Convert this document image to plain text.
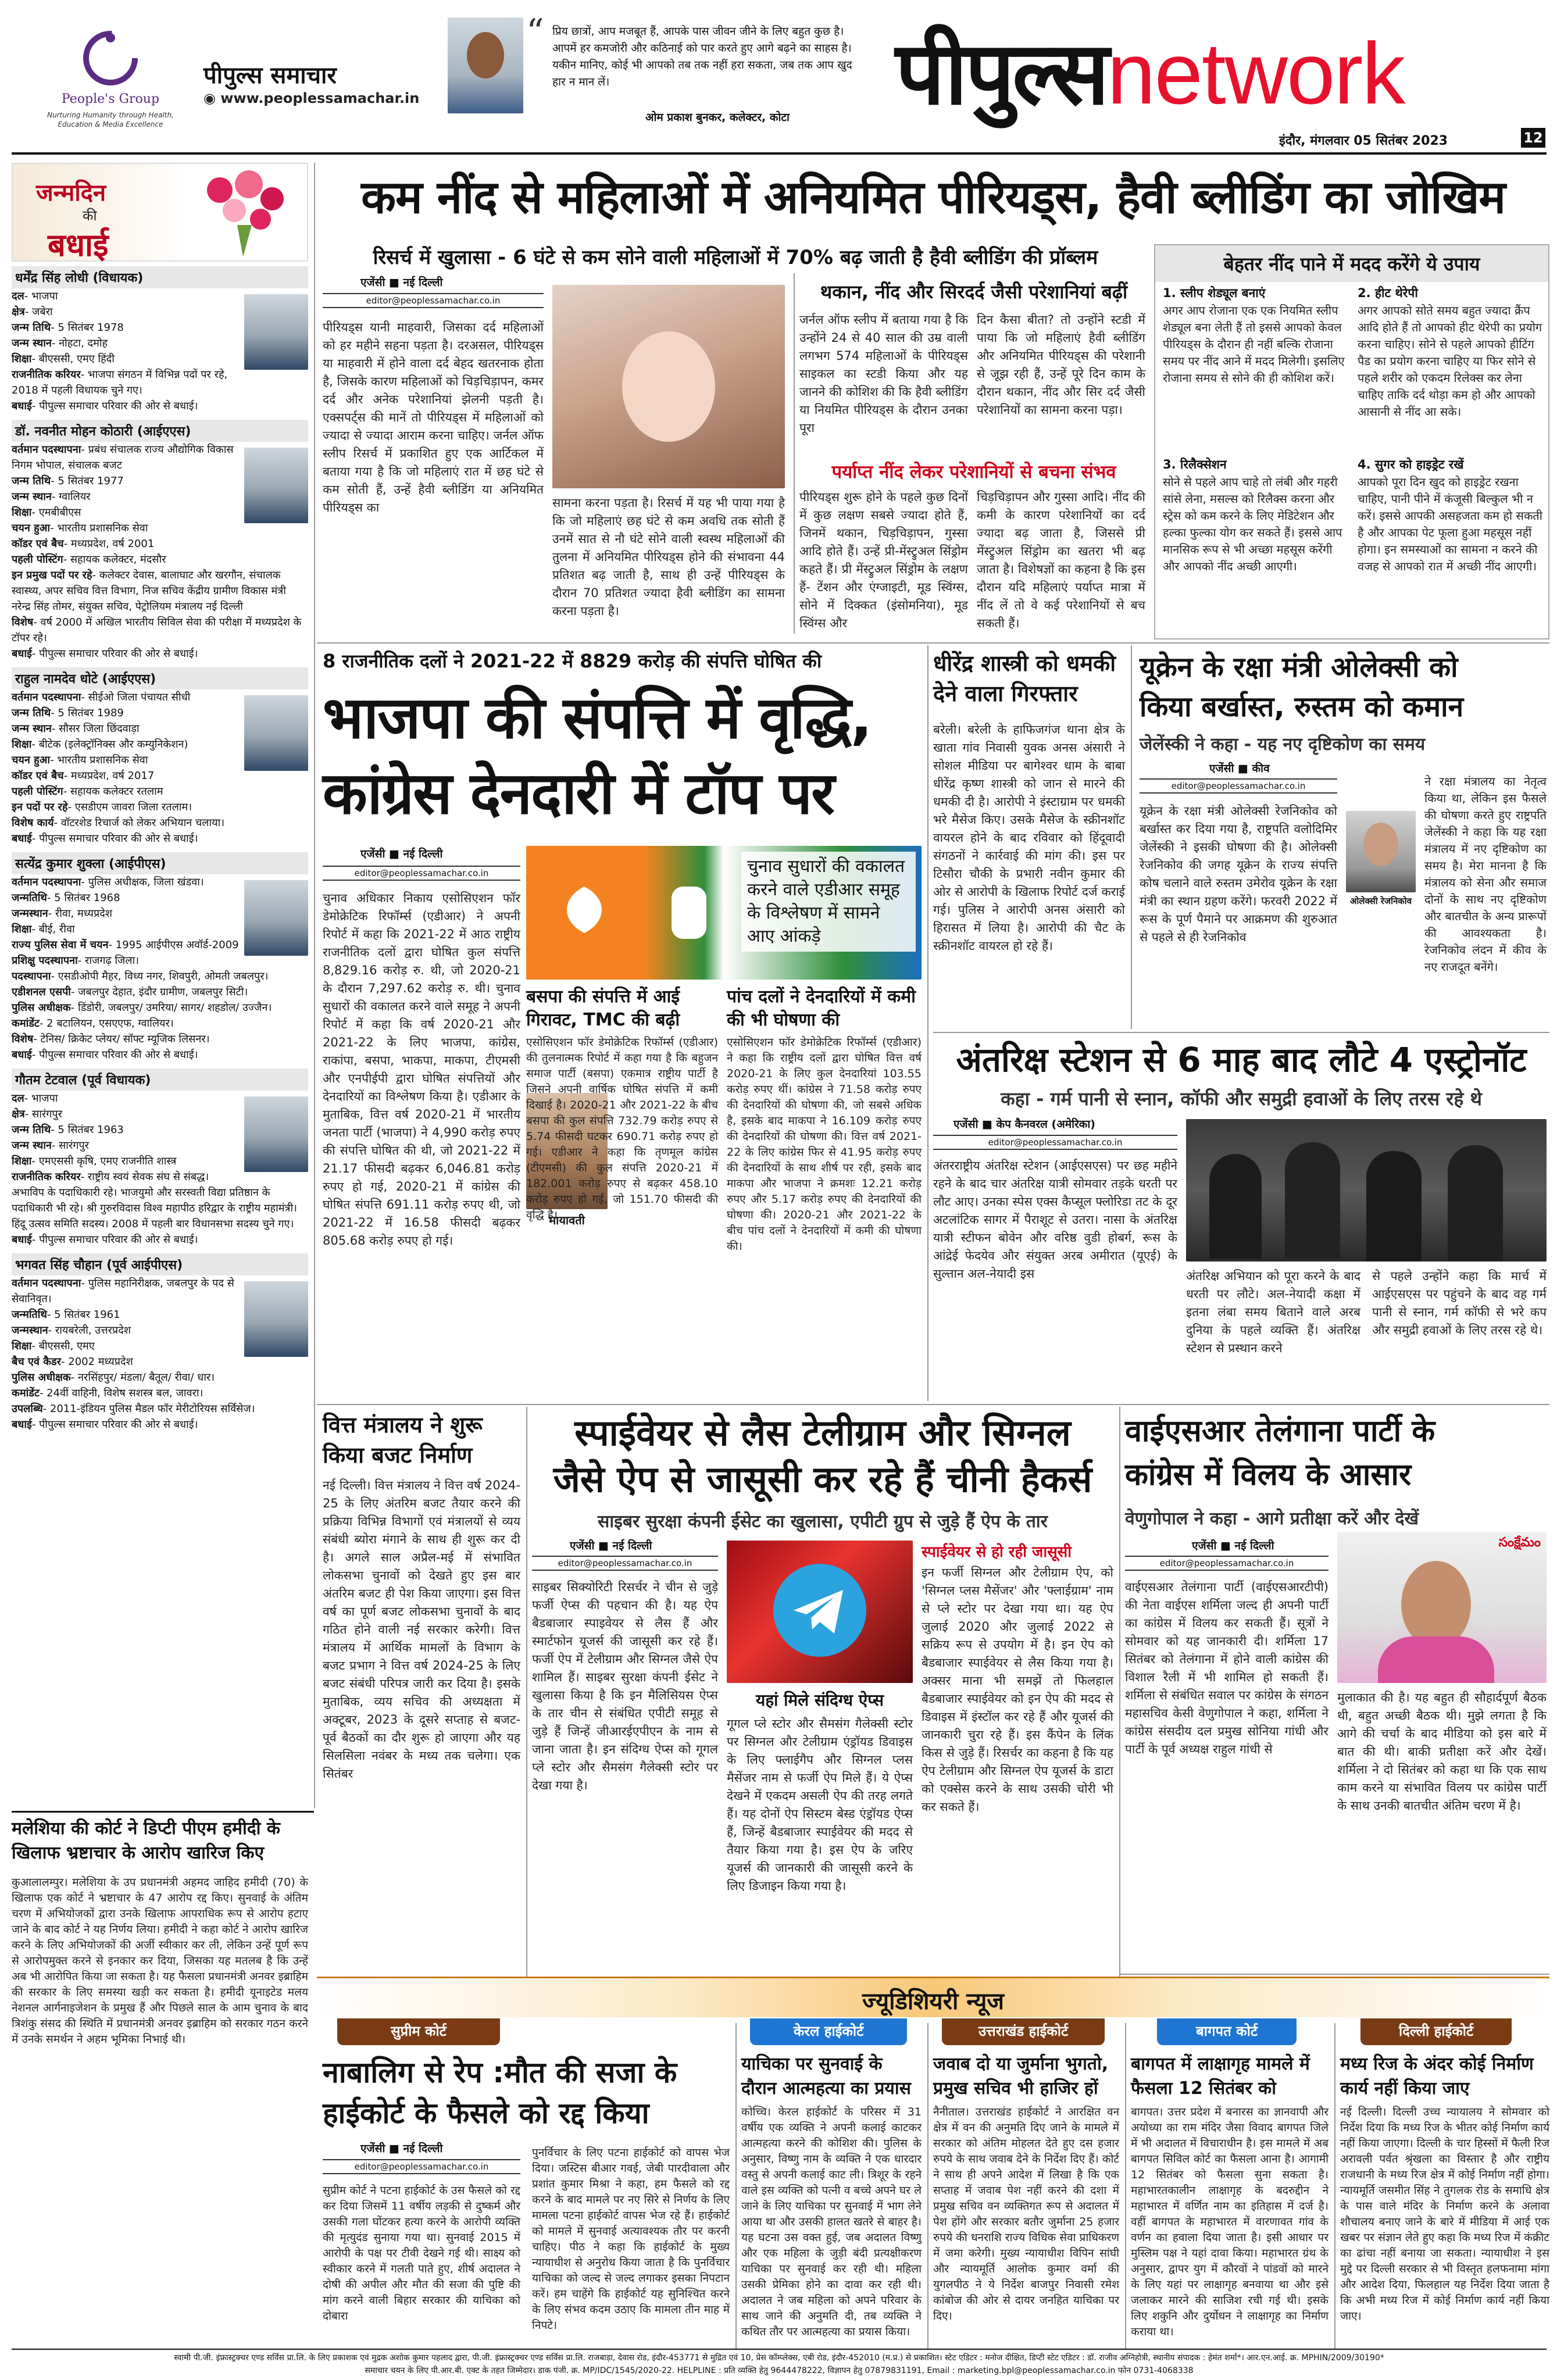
People's Group
Nurturing Humanity through Health, Education & Media Excellence
पीपुल्स समाचार
◉ www.peoplessamachar.in
“ प्रिय छात्रों, आप मजबूत हैं, आपके पास जीवन जीने के लिए बहुत कुछ है। आपमें हर कमजोरी और कठिनाई को पार करते हुए आगे बढ़ने का साहस है। यकीन मानिए, कोई भी आपको तब तक नहीं हरा सकता, जब तक आप खुद हार न मान लें।
ओम प्रकाश बुनकर, कलेक्टर, कोटा पीपुल्सnetwork
इंदौर, मंगलवार 05 सितंबर 2023	12
जन्मदिन
की
बधाई
धर्मेंद्र सिंह लोधी (विधायक)
दल- भाजपा
क्षेत्र- जबेरा
जन्म तिथि- 5 सितंबर 1978
जन्म स्थान- नोहटा, दमोह
शिक्षा- बीएससी, एमए हिंदी
राजनीतिक करियर- भाजपा संगठन में विभिन्न पदों पर रहे, 2018 में पहली विधायक चुने गए।
बधाई- पीपुल्स समाचार परिवार की ओर से बधाई।
डॉ. नवनीत मोहन कोठारी (आईएएस)
वर्तमान पदस्थापना- प्रबंध संचालक राज्य औद्योगिक विकास निगम भोपाल, संचालक बजट
जन्म तिथि- 5 सितंबर 1977
जन्म स्थान- ग्वालियर
शिक्षा- एमबीबीएस
चयन हुआ- भारतीय प्रशासनिक सेवा
कॉडर एवं बैच- मध्यप्रदेश, वर्ष 2001
पहली पोस्टिंग- सहायक कलेक्टर, मंदसौर
इन प्रमुख पदों पर रहे- कलेक्टर देवास, बालाघाट और खरगौन, संचालक स्वास्थ्य, अपर सचिव वित्त विभाग, निज सचिव केंद्रीय ग्रामीण विकास मंत्री नरेन्द्र सिंह तोमर, संयुक्त सचिव, पेट्रोलियम मंत्रालय नई दिल्ली
विशेष- वर्ष 2000 में अखिल भारतीय सिविल सेवा की परीक्षा में मध्यप्रदेश के टॉपर रहे।
बधाई- पीपुल्स समाचार परिवार की ओर से बधाई।
राहुल नामदेव धोटे (आईएएस)
वर्तमान पदस्थापना- सीईओ जिला पंचायत सीधी
जन्म तिथि- 5 सितंबर 1989
जन्म स्थान- सौसर जिला छिंदवाड़ा
शिक्षा- बीटेक (इलेक्ट्रॉनिक्स और कम्युनिकेशन)
चयन हुआ- भारतीय प्रशासनिक सेवा
कॉडर एवं बैच- मध्यप्रदेश, वर्ष 2017
पहली पोस्टिंग- सहायक कलेक्टर रतलाम
इन पदों पर रहे- एसडीएम जावरा जिला रतलाम।
विशेष कार्य- वॉटरशेड रिचार्ज को लेकर अभियान चलाया।
बधाई- पीपुल्स समाचार परिवार की ओर से बधाई।
सत्येंद्र कुमार शुक्ला (आईपीएस)
वर्तमान पदस्थापना- पुलिस अधीक्षक, जिला खंडवा।
जन्मतिथि- 5 सितंबर 1968
जन्मस्थान- रीवा, मध्यप्रदेश
शिक्षा- बीई, रीवा
राज्य पुलिस सेवा में चयन- 1995 आईपीएस अवॉर्ड-2009
प्रशिक्षु पदस्थापना- राजगढ़ जिला।
पदस्थापना- एसडीओपी मैहर, विध्य नगर, शिवपुरी, ओमती जबलपुर।
एडीशनल एसपी- जबलपुर देहात, इंदौर ग्रामीण, जबलपुर सिटी।
पुलिस अधीक्षक- डिंडोरी, जबलपुर/ उमरिया/ सागर/ शहडोल/ उज्जैन।
कमांडेंट- 2 बटालियन, एसएएफ, ग्वालियर।
विशेष- टेनिस/ क्रिकेट प्लेयर/ सॉफ्ट म्यूजिक लिसनर।
बधाई- पीपुल्स समाचार परिवार की ओर से बधाई।
गौतम टेटवाल (पूर्व विधायक)
दल- भाजपा
क्षेत्र- सारंगपुर
जन्म तिथि- 5 सितंबर 1963
जन्म स्थान- सारंगपुर
शिक्षा- एमएससी कृषि, एमए राजनीति शास्त्र
राजनीतिक करियर- राष्ट्रीय स्वयं सेवक संघ से संबद्ध। अभाविप के पदाधिकारी रहे। भाजयुमो और सरस्वती विद्या प्रतिष्ठान के पदाधिकारी भी रहे। श्री गुरुरविदास विश्व महापीठ हरिद्वार के राष्ट्रीय महामंत्री। हिंदू उत्सव समिति सदस्य। 2008 में पहली बार विधानसभा सदस्य चुने गए।
बधाई- पीपुल्स समाचार परिवार की ओर से बधाई।
भगवत सिंह चौहान (पूर्व आईपीएस)
वर्तमान पदस्थापना- पुलिस महानिरीक्षक, जबलपुर के पद से सेवानिवृत।
जन्मतिथि- 5 सितंबर 1961
जन्मस्थान- रायबरेली, उत्तरप्रदेश
शिक्षा- बीएससी, एमए
बैच एवं कैडर- 2002 मध्यप्रदेश
पुलिस अधीक्षक- नरसिंहपुर/ मंडला/ बैतूल/ रीवा/ धार।
कमांडेंट- 24वीं वाहिनी, विशेष सशस्त्र बल, जावरा।
उपलब्धि- 2011-इंडियन पुलिस मैडल फॉर मेरीटोरियस सर्विसेज।
बधाई- पीपुल्स समाचार परिवार की ओर से बधाई।
कम नींद से महिलाओं में अनियमित पीरियड्स, हैवी ब्लीडिंग का जोखिम
रिसर्च में खुलासा - 6 घंटे से कम सोने वाली महिलाओं में 70% बढ़ जाती है हैवी ब्लीडिंग की प्रॉब्लम
एजेंसी ■ नई दिल्ली
editor@peoplessamachar.co.in
पीरियड्स यानी माहवारी, जिसका दर्द महिलाओं को हर महीने सहना पड़ता है। दरअसल, पीरियड्स या माहवारी में होने वाला दर्द बेहद खतरनाक होता है, जिसके कारण महिलाओं को चिड़चिड़ापन, कमर दर्द और अनेक परेशानियां झेलनी पड़ती है। एक्सपर्ट्स की मानें तो पीरियड्स में महिलाओं को ज्यादा से ज्यादा आराम करना चाहिए। जर्नल ऑफ स्लीप रिसर्च में प्रकाशित हुए एक आर्टिकल में बताया गया है कि जो महिलाएं रात में छह घंटे से कम सोती हैं, उन्हें हैवी ब्लीडिंग या अनियमित पीरियड्स का	सामना करना पड़ता है। रिसर्च में यह भी पाया गया है कि जो महिलाएं छह घंटे से कम अवधि तक सोती हैं उनमें सात से नौ घंटे सोने वाली स्वस्थ महिलाओं की तुलना में अनियमित पीरियड्स होने की संभावना 44 प्रतिशत बढ़ जाती है, साथ ही उन्हें पीरियड्स के दौरान 70 प्रतिशत ज्यादा हैवी ब्लीडिंग का सामना करना पड़ता है।
थकान, नींद और सिरदर्द जैसी परेशानियां बढ़ीं
जर्नल ऑफ स्लीप में बताया गया है कि उन्होंने 24 से 40 साल की उम्र वाली लगभग 574 महिलाओं के पीरियड्स साइकल का स्टडी किया और यह जानने की कोशिश की कि हैवी ब्लीडिंग या नियमित पीरियड्स के दौरान उनका पूरा
दिन कैसा बीता? तो उन्होंने स्टडी में पाया कि जो महिलाएं हैवी ब्लीडिंग और अनियमित पीरियड्स की परेशानी से जूझ रही हैं, उन्हें पूरे दिन काम के दौरान थकान, नींद और सिर दर्द जैसी परेशानियों का सामना करना पड़ा।
पर्याप्त नींद लेकर परेशानियों से बचना संभव
पीरियड्स शुरू होने के पहले कुछ दिनों में कुछ लक्षण सबसे ज्यादा होते हैं, जिनमें थकान, चिड़चिड़ापन, गुस्सा आदि होते हैं। उन्हें प्री-मेंस्ट्रुअल सिंड्रोम कहते हैं। प्री मेंस्ट्रुअल सिंड्रोम के लक्षण हैं- टेंशन और एंग्जाइटी, मूड स्विंग्स, सोने में दिक्कत (इंसोमनिया), मूड स्विंग्स और
चिड़चिड़ापन और गुस्सा आदि। नींद की कमी के कारण परेशानियों का दर्द ज्यादा बढ़ जाता है, जिससे प्री मेंस्ट्रुअल सिंड्रोम का खतरा भी बढ़ जाता है। विशेषज्ञों का कहना है कि इस दौरान यदि महिलाएं पर्याप्त मात्रा में नींद लें तो वे कई परेशानियों से बच सकती हैं।
बेहतर नींद पाने में मदद करेंगे ये उपाय
1. स्लीप शेड्यूल बनाएं
अगर आप रोजाना एक एक नियमित स्लीप शेड्यूल बना लेती हैं तो इससे आपको केवल पीरियड्स के दौरान ही नहीं बल्कि रोजाना समय पर नींद आने में मदद मिलेगी। इसलिए रोजाना समय से सोने की ही कोशिश करें।
2. हीट थेरेपी
अगर आपको सोते समय बहुत ज्यादा क्रैंप आदि होते हैं तो आपको हीट थेरेपी का प्रयोग करना चाहिए। सोने से पहले आपको हीटिंग पैड का प्रयोग करना चाहिए या फिर सोने से पहले शरीर को एकदम रिलेक्स कर लेना चाहिए ताकि दर्द थोड़ा कम हो और आपको आसानी से नींद आ सके।
3. रिलैक्सेशन
सोने से पहले आप चाहे तो लंबी और गहरी सांसे लेना, मसल्स को रिलैक्स करना और स्ट्रेस को कम करने के लिए मेडिटेशन और हल्का फुल्का योग कर सकते हैं। इससे आप मानसिक रूप से भी अच्छा महसूस करेंगी और आपको नींद अच्छी आएगी।
4. सुगर को हाइड्रेट रखें
आपको पूरा दिन खुद को हाइड्रेट रखना चाहिए, पानी पीने में कंजूसी बिल्कुल भी न करें। इससे आपकी असहजता कम हो सकती है और आपका पेट फूला हुआ महसूस नहीं होगा। इन समस्याओं का सामना न करने की वजह से आपको रात में अच्छी नींद आएगी।
8 राजनीतिक दलों ने 2021-22 में 8829 करोड़ की संपत्ति घोषित की
भाजपा की संपत्ति में वृद्धि,
कांग्रेस देनदारी में टॉप पर
एजेंसी ■ नई दिल्ली
editor@peoplessamachar.co.in
चुनाव अधिकार निकाय एसोसिएशन फॉर डेमोक्रेटिक रिफॉर्म्स (एडीआर) ने अपनी रिपोर्ट में कहा कि 2021-22 में आठ राष्ट्रीय राजनीतिक दलों द्वारा घोषित कुल संपत्ति 8,829.16 करोड़ रु. थी, जो 2020-21 के दौरान 7,297.62 करोड़ रु. थी। चुनाव सुधारों की वकालत करने वाले समूह ने अपनी रिपोर्ट में कहा कि वर्ष 2020-21 और 2021-22 के लिए भाजपा, कांग्रेस, राकांपा, बसपा, भाकपा, माकपा, टीएमसी और एनपीईपी द्वारा घोषित संपत्तियों और देनदारियों का विश्लेषण किया है। एडीआर के मुताबिक, वित्त वर्ष 2020-21 में भारतीय जनता पार्टी (भाजपा) ने 4,990 करोड़ रुपए की संपत्ति घोषित की थी, जो 2021-22 में 21.17 फीसदी बढ़कर 6,046.81 करोड़ रुपए हो गई, 2020-21 में कांग्रेस की घोषित संपत्ति 691.11 करोड़ रुपए थी, जो 2021-22 में 16.58 फीसदी बढ़कर 805.68 करोड़ रुपए हो गई।
चुनाव सुधारों की वकालत करने वाले एडीआर समूह के विश्लेषण में सामने आए आंकड़े
बसपा की संपत्ति में आई गिरावट, TMC की बढ़ी
मायावती
एसोसिएशन फॉर डेमोक्रेटिक रिफॉर्म्स (एडीआर) की तुलनात्मक रिपोर्ट में कहा गया है कि बहुजन समाज पार्टी (बसपा) एकमात्र राष्ट्रीय पार्टी है जिसने अपनी वार्षिक घोषित संपत्ति में कमी दिखाई है। 2020-21 और 2021-22 के बीच बसपा की कुल संपत्ति 732.79 करोड़ रुपए से 5.74 फीसदी घटकर 690.71 करोड़ रुपए हो गई। एडीआर ने कहा कि तृणमूल कांग्रेस (टीएमसी) की कुल संपत्ति 2020-21 में 182.001 करोड़ रुपए से बढ़कर 458.10 करोड़ रुपए हो गई, जो 151.70 फीसदी की वृद्धि है।
पांच दलों ने देनदारियों में कमी की भी घोषणा की
एसोसिएशन फॉर डेमोक्रेटिक रिफॉर्म्स (एडीआर) ने कहा कि राष्ट्रीय दलों द्वारा घोषित वित्त वर्ष 2020-21 के लिए कुल देनदारियां 103.55 करोड़ रुपए थीं। कांग्रेस ने 71.58 करोड़ रुपए की देनदारियों की घोषणा की, जो सबसे अधिक है, इसके बाद माकपा ने 16.109 करोड़ रुपए की देनदारियों की घोषणा की। वित्त वर्ष 2021-22 के लिए कांग्रेस फिर से 41.95 करोड़ रुपए की देनदारियों के साथ शीर्ष पर रही, इसके बाद माकपा और भाजपा ने क्रमशः 12.21 करोड़ रुपए और 5.17 करोड़ रुपए की देनदारियों की घोषणा की। 2020-21 और 2021-22 के बीच पांच दलों ने देनदारियों में कमी की घोषणा की।
धीरेंद्र शास्त्री को धमकी देने वाला गिरफ्तार
बरेली। बरेली के हाफिजगंज थाना क्षेत्र के खाता गांव निवासी युवक अनस अंसारी ने सोशल मीडिया पर बागेश्वर धाम के बाबा धीरेंद्र कृष्ण शास्त्री को जान से मारने की धमकी दी है। आरोपी ने इंस्टाग्राम पर धमकी भरे मैसेज किए। उसके मैसेज के स्क्रीनशॉट वायरल होने के बाद रविवार को हिंदूवादी संगठनों ने कार्रवाई की मांग की। इस पर टिसौरा चौकी के प्रभारी नवीन कुमार की ओर से आरोपी के खिलाफ रिपोर्ट दर्ज कराई गई। पुलिस ने आरोपी अनस अंसारी को हिरासत में लिया है। आरोपी की चैट के स्क्रीनशॉट वायरल हो रहे हैं।
यूक्रेन के रक्षा मंत्री ओलेक्सी को
किया बर्खास्त, रुस्तम को कमान
जेलेंस्की ने कहा - यह नए दृष्टिकोण का समय
एजेंसी ■ कीव
editor@peoplessamachar.co.in
यूक्रेन के रक्षा मंत्री ओलेक्सी रेजनिकोव को बर्खास्त कर दिया गया है, राष्ट्रपति वलोदिमिर जेलेंस्की ने इसकी घोषणा की है। ओलेक्सी रेजनिकोव की जगह यूक्रेन के राज्य संपत्ति कोष चलाने वाले रुस्तम उमेरोव यूक्रेन के रक्षा मंत्री का स्थान ग्रहण करेंगे। फरवरी 2022 में रूस के पूर्ण पैमाने पर आक्रमण की शुरुआत से पहले से ही रेजनिकोव
ओलेक्सी रेजनिकोव
ने रक्षा मंत्रालय का नेतृत्व किया था, लेकिन इस फैसले की घोषणा करते हुए राष्ट्रपति जेलेंस्की ने कहा कि यह रक्षा मंत्रालय में नए दृष्टिकोण का समय है। मेरा मानना है कि मंत्रालय को सेना और समाज दोनों के साथ नए दृष्टिकोण और बातचीत के अन्य प्रारूपों की आवश्यकता है। रेजनिकोव लंदन में कीव के नए राजदूत बनेंगे।
अंतरिक्ष स्टेशन से 6 माह बाद लौटे 4 एस्ट्रोनॉट
कहा - गर्म पानी से स्नान, कॉफी और समुद्री हवाओं के लिए तरस रहे थे
एजेंसी ■ केप कैनवरल (अमेरिका)
editor@peoplessamachar.co.in
अंतरराष्ट्रीय अंतरिक्ष स्टेशन (आईएसएस) पर छह महीने रहने के बाद चार अंतरिक्ष यात्री सोमवार तड़के धरती पर लौट आए। उनका स्पेस एक्स कैप्सूल फ्लोरिडा तट के दूर अटलांटिक सागर में पैराशूट से उतरा। नासा के अंतरिक्ष यात्री स्टीफन बोवेन और वरिष्ठ वुडी होबर्ग, रूस के आंद्रेई फेदयेव और संयुक्त अरब अमीरात (यूएई) के सुल्तान अल-नेयादी इस	अंतरिक्ष अभियान को पूरा करने के बाद धरती पर लौटे। अल-नेयादी कक्षा में इतना लंबा समय बिताने वाले अरब दुनिया के पहले व्यक्ति हैं। अंतरिक्ष स्टेशन से प्रस्थान करने
से पहले उन्होंने कहा कि मार्च में आईएसएस पर पहुंचने के बाद वह गर्म पानी से स्नान, गर्म कॉफी से भरे कप और समुद्री हवाओं के लिए तरस रहे थे।
वित्त मंत्रालय ने शुरू किया बजट निर्माण
नई दिल्ली। वित्त मंत्रालय ने वित्त वर्ष 2024-25 के लिए अंतरिम बजट तैयार करने की प्रक्रिया विभिन्न विभागों एवं मंत्रालयों से व्यय संबंधी ब्योरा मंगाने के साथ ही शुरू कर दी है। अगले साल अप्रैल-मई में संभावित लोकसभा चुनावों को देखते हुए इस बार अंतरिम बजट ही पेश किया जाएगा। इस वित्त वर्ष का पूर्ण बजट लोकसभा चुनावों के बाद गठित होने वाली नई सरकार करेगी। वित्त मंत्रालय में आर्थिक मामलों के विभाग के बजट प्रभाग ने वित्त वर्ष 2024-25 के लिए बजट संबंधी परिपत्र जारी कर दिया है। इसके मुताबिक, व्यय सचिव की अध्यक्षता में अक्टूबर, 2023 के दूसरे सप्ताह से बजट-पूर्व बैठकों का दौर शुरू हो जाएगा और यह सिलसिला नवंबर के मध्य तक चलेगा। एक सितंबर
स्पाईवेयर से लैस टेलीग्राम और सिग्नल
जैसे ऐप से जासूसी कर रहे हैं चीनी हैकर्स
साइबर सुरक्षा कंपनी ईसेट का खुलासा, एपीटी ग्रुप से जुड़े हैं ऐप के तार
एजेंसी ■ नई दिल्ली
editor@peoplessamachar.co.in
साइबर सिक्योरिटी रिसर्चर ने चीन से जुड़े फर्जी ऐप्स की पहचान की है। यह ऐप बैडबाजार स्पाइवेयर से लैस हैं और स्मार्टफोन यूजर्स की जासूसी कर रहे हैं। फर्जी ऐप में टेलीग्राम और सिग्नल जैसे ऐप शामिल हैं। साइबर सुरक्षा कंपनी ईसेट ने खुलासा किया है कि इन मैलिसियस ऐप्स के तार चीन से संबंधित एपीटी समूह से जुड़े हैं जिन्हें जीआरईएपीएन के नाम से जाना जाता है। इन संदिग्ध ऐप्स को गूगल प्ले स्टोर और सैमसंग गैलेक्सी स्टोर पर देखा गया है।
यहां मिले संदिग्ध ऐप्स
गूगल प्ले स्टोर और सैमसंग गैलेक्सी स्टोर पर सिग्नल और टेलीग्राम एंड्रॉयड डिवाइस के लिए फ्लाईगैप और सिग्नल प्लस मैसेंजर नाम से फर्जी ऐप मिले हैं। ये ऐप्स देखने में एकदम असली ऐप की तरह लगते हैं। यह दोनों ऐप सिस्टम बेस्ड एंड्रॉयड ऐप्स हैं, जिन्हें बैडबाजार स्पाईवेयर की मदद से तैयार किया गया है। इस ऐप के जरिए यूजर्स की जानकारी की जासूसी करने के लिए डिजाइन किया गया है।
स्पाईवेयर से हो रही जासूसी
इन फर्जी सिग्नल और टेलीग्राम ऐप, को 'सिग्नल प्लस मैसेंजर' और 'फ्लाईग्राम' नाम से प्ले स्टोर पर देखा गया था। यह ऐप जुलाई 2020 और जुलाई 2022 से सक्रिय रूप से उपयोग में है। इन ऐप को बैडबाजार स्पाईवेयर से लैस किया गया है। अक्सर माना भी समझें तो फिलहाल बैडबाजार स्पाईवेयर को इन ऐप की मदद से डिवाइस में इंस्टॉल कर रहे हैं और यूजर्स की जानकारी चुरा रहे हैं। इस कैंपेन के लिंक किस से जुड़े हैं। रिसर्चर का कहना है कि यह ऐप टेलीग्राम और सिग्नल ऐप यूजर्स के डाटा को एक्सेस करने के साथ उसकी चोरी भी कर सकते हैं।
वाईएसआर तेलंगाना पार्टी के
कांग्रेस में विलय के आसार
वेणुगोपाल ने कहा - आगे प्रतीक्षा करें और देखें
एजेंसी ■ नई दिल्ली
editor@peoplessamachar.co.in
वाईएसआर तेलंगाना पार्टी (वाईएसआरटीपी) की नेता वाईएस शर्मिला जल्द ही अपनी पार्टी का कांग्रेस में विलय कर सकती हैं। सूत्रों ने सोमवार को यह जानकारी दी। शर्मिला 17 सितंबर को तेलंगाना में होने वाली कांग्रेस की विशाल रैली में भी शामिल हो सकती हैं। शर्मिला से संबंधित सवाल पर कांग्रेस के संगठन महासचिव केसी वेणुगोपाल ने कहा, शर्मिला ने कांग्रेस संसदीय दल प्रमुख सोनिया गांधी और पार्टी के पूर्व अध्यक्ष राहुल गांधी से
సంక్షేమం
मुलाकात की है। यह बहुत ही सौहार्दपूर्ण बैठक थी, बहुत अच्छी बैठक थी। मुझे लगता है कि आगे की चर्चा के बाद मीडिया को इस बारे में बात की थी। बाकी प्रतीक्षा करें और देखें। शर्मिला ने दो सितंबर को कहा था कि एक साथ काम करने या संभावित विलय पर कांग्रेस पार्टी के साथ उनकी बातचीत अंतिम चरण में है।
ज्यूडिशियरी न्यूज
सुप्रीम कोर्ट
नाबालिग से रेप :मौत की सजा के
हाईकोर्ट के फैसले को रद्द किया
एजेंसी ■ नई दिल्ली
editor@peoplessamachar.co.in
सुप्रीम कोर्ट ने पटना हाईकोर्ट के उस फैसले को रद्द कर दिया जिसमें 11 वर्षीय लड़की से दुष्कर्म और उसकी गला घोंटकर हत्या करने के आरोपी व्यक्ति की मृत्युदंड सुनाया गया था। सुनवाई 2015 में आरोपी के पक्ष पर टीवी देखने गई थी। साक्ष्य को स्वीकार करने में गलती पाते हुए, शीर्ष अदालत ने दोषी की अपील और मौत की सजा की पुष्टि की मांग करने वाली बिहार सरकार की याचिका को दोबारा
पुनर्विचार के लिए पटना हाईकोर्ट को वापस भेज दिया। जस्टिस बीआर गवई, जेबी पारदीवाला और प्रशांत कुमार मिश्रा ने कहा, हम फैसले को रद्द करने के बाद मामले पर नए सिरे से निर्णय के लिए मामला पटना हाईकोर्ट वापस भेज रहे हैं। हाईकोर्ट को मामले में सुनवाई अत्यावश्यक तौर पर करनी चाहिए। पीठ ने कहा कि हाईकोर्ट के मुख्य न्यायाधीश से अनुरोध किया जाता है कि पुनर्विचार याचिका को जल्द से जल्द लगाकर इसका निपटान करें। हम चाहेंगे कि हाईकोर्ट यह सुनिश्चित करने के लिए संभव कदम उठाए कि मामला तीन माह में निपटे।
केरल हाईकोर्ट
याचिका पर सुनवाई के दौरान आत्महत्या का प्रयास
कोच्चि। केरल हाईकोर्ट के परिसर में 31 वर्षीय एक व्यक्ति ने अपनी कलाई काटकर आत्महत्या करने की कोशिश की। पुलिस के अनुसार, विष्णु नाम के व्यक्ति ने एक धारदार वस्तु से अपनी कलाई काट ली। त्रिशूर के रहने वाले इस व्यक्ति को पत्नी व बच्चे अपने घर ले जाने के लिए याचिका पर सुनवाई में भाग लेने आया था और उसकी हालत खतरे से बाहर है। यह घटना उस वक्त हुई, जब अदालत विष्णु और एक महिला के जुड़ी बंदी प्रत्यक्षीकरण याचिका पर सुनवाई कर रही थी। महिला उसकी प्रेमिका होने का दावा कर रही थी। अदालत ने जब महिला को अपने परिवार के साथ जाने की अनुमति दी, तब व्यक्ति ने कथित तौर पर आत्महत्या का प्रयास किया।
उत्तराखंड हाईकोर्ट
जवाब दो या जुर्माना भुगतो, प्रमुख सचिव भी हाजिर हों
नैनीताल। उत्तराखंड हाईकोर्ट ने आरक्षित वन क्षेत्र में वन की अनुमति दिए जाने के मामले में सरकार को अंतिम मोहलत देते हुए दस हजार रुपये के साथ जवाब देने के निर्देश दिए हैं। कोर्ट ने साथ ही अपने आदेश में लिखा है कि एक सप्ताह में जवाब पेश नहीं करने की दशा में प्रमुख सचिव वन व्यक्तिगत रूप से अदालत में पेश होंगे और सरकार बतौर जुर्माना 25 हजार रुपये की धनराशि राज्य विधिक सेवा प्राधिकरण में जमा करेगी। मुख्य न्यायाधीश विपिन सांघी और न्यायमूर्ति आलोक कुमार वर्मा की युगलपीठ ने ये निर्देश बाजपुर निवासी रमेश कांबोज की ओर से दायर जनहित याचिका पर दिए।
बागपत कोर्ट
बागपत में लाक्षागृह मामले में फैसला 12 सितंबर को
बागपत। उत्तर प्रदेश में बनारस का ज्ञानवापी और अयोध्या का राम मंदिर जैसा विवाद बागपत जिले में भी अदालत में विचाराधीन है। इस मामले में अब बागपत सिविल कोर्ट का फैसला आना है। आगामी 12 सितंबर को फैसला सुना सकता है। महाभारतकालीन लाक्षागृह के बदरुद्दीन ने महाभारत में वर्णित नाम का इतिहास में दर्ज है। वहीं बागपत के महाभारत में वारणावत गांव के वर्णन का हवाला दिया जाता है। इसी आधार पर मुस्लिम पक्ष ने यहां दावा किया। महाभारत ग्रंथ के अनुसार, द्वापर युग में कौरवों ने पांडवों को मारने के लिए यहां पर लाक्षागृह बनवाया था और इसे जलाकर मारने की साजिश रची गई थी। इसके लिए शकुनि और दुर्योधन ने लाक्षागृह का निर्माण कराया था।
दिल्ली हाईकोर्ट
मध्य रिज के अंदर कोई निर्माण कार्य नहीं किया जाए
नई दिल्ली। दिल्ली उच्च न्यायालय ने सोमवार को निर्देश दिया कि मध्य रिज के भीतर कोई निर्माण कार्य नहीं किया जाएगा। दिल्ली के चार हिस्सों में फैली रिज अरावली पर्वत श्रृंखला का विस्तार है और राष्ट्रीय राजधानी के मध्य रिज क्षेत्र में कोई निर्माण नहीं होगा। न्यायमूर्ति जसमीत सिंह ने तुगलक रोड के समाधि क्षेत्र के पास वाले मंदिर के निर्माण करने के अलावा शौचालय बनाए जाने के बारे में मीडिया में आई एक खबर पर संज्ञान लेते हुए कहा कि मध्य रिज में कंक्रीट का ढांचा नहीं बनाया जा सकता। न्यायाधीश ने इस मुद्दे पर दिल्ली सरकार से भी विस्तृत हलफनामा मांगा और आदेश दिया, फिलहाल यह निर्देश दिया जाता है कि अभी मध्य रिज में कोई निर्माण कार्य नहीं किया जाए।
मलेशिया की कोर्ट ने डिप्टी पीएम हमीदी के खिलाफ भ्रष्टाचार के आरोप खारिज किए
कुआलालम्पुर। मलेशिया के उप प्रधानमंत्री अहमद जाहिद हमीदी (70) के खिलाफ एक कोर्ट ने भ्रष्टाचार के 47 आरोप रद्द किए। सुनवाई के अंतिम चरण में अभियोजकों द्वारा उनके खिलाफ आपराधिक रूप से आरोप हटाए जाने के बाद कोर्ट ने यह निर्णय लिया। हमीदी ने कहा कोर्ट ने आरोप खारिज करने के लिए अभियोजकों की अर्जी स्वीकार कर ली, लेकिन उन्हें पूर्ण रूप से आरोपमुक्त करने से इनकार कर दिया, जिसका यह मतलब है कि उन्हें अब भी आरोपित किया जा सकता है। यह फैसला प्रधानमंत्री अनवर इब्राहिम की सरकार के लिए समस्या खड़ी कर सकता है। हमीदी यूनाइटेड मलय नेशनल आर्गनाइजेशन के प्रमुख हैं और पिछले साल के आम चुनाव के बाद त्रिशंकु संसद की स्थिति में प्रधानमंत्री अनवर इब्राहिम को सरकार गठन करने में उनके समर्थन ने अहम भूमिका निभाई थी।
स्वामी पी.जी. इंफ्रास्ट्रक्चर एण्ड सर्विस प्रा.लि. के लिए प्रकाशक एवं मुद्रक अशोक कुमार पहलाद द्वारा, पी.जी. इंफ्रास्ट्रक्चर एण्ड सर्विस प्रा.लि. राजबाड़ा, देवास रोड, इंदौर-453771 से मुद्रित एवं 10, प्रेस कॉम्प्लेक्स, एबी रोड, इंदौर-452010 (म.प्र.) से प्रकाशित। स्टेट एडिटर : मनोज दीक्षित, डिप्टी स्टेट एडिटर : डॉ. राजीव अग्निहोत्री, स्थानीय संपादक : हेमंत शर्मा*। आर.एन.आई. क्र. MPHIN/2009/30190*
समाचार चयन के लिए पी.आर.बी. एक्ट के तहत जिम्मेदार। डाक पंजी. क्र. MP/IDC/1545/2020-22. HELPLINE : प्रति व्यक्ति हेतु 9644478222, विज्ञापन हेतु 07879831191, Email : marketing.bpl@peoplessamachar.co.in फोन 0731-4068338
